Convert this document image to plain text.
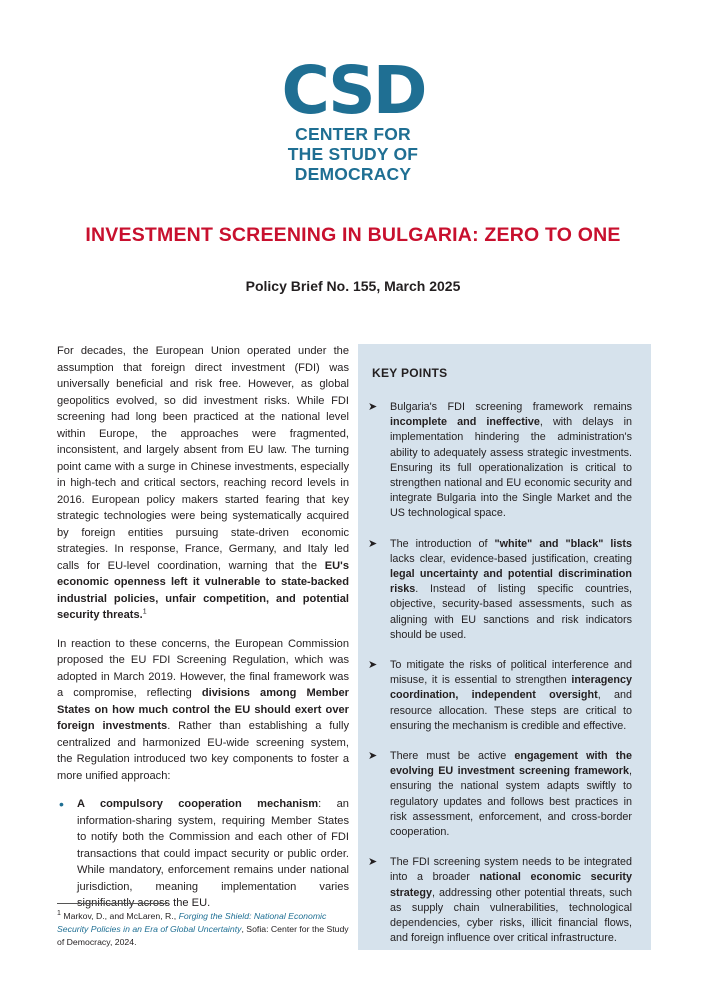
CSD
CENTER FOR
THE STUDY OF
DEMOCRACY
INVESTMENT SCREENING IN BULGARIA: ZERO TO ONE
Policy Brief No. 155, March 2025

For decades, the European Union operated under the assumption that foreign direct investment (FDI) was universally beneficial and risk free. However, as global geopolitics evolved, so did investment risks. While FDI screening had long been practiced at the national level within Europe, the approaches were fragmented, inconsistent, and largely absent from EU law. The turning point came with a surge in Chinese investments, especially in high-tech and critical sectors, reaching record levels in 2016. European policy makers started fearing that key strategic technologies were being systematically acquired by foreign entities pursuing state-driven economic strategies. In response, France, Germany, and Italy led calls for EU-level coordination, warning that the EU's economic openness left it vulnerable to state-backed industrial policies, unfair competition, and potential security threats.$^1$

In reaction to these concerns, the European Commission proposed the EU FDI Screening Regulation, which was adopted in March 2019. However, the final framework was a compromise, reflecting divisions among Member States on how much control the EU should exert over foreign investments. Rather than establishing a fully centralized and harmonized EU-wide screening system, the Regulation introduced two key components to foster a more unified approach:

• A compulsory cooperation mechanism: an information-sharing system, requiring Member States to notify both the Commission and each other of FDI transactions that could impact security or public order. While mandatory, enforcement remains under national jurisdiction, meaning implementation varies significantly across the EU.
$^1$ Markov, D., and McLaren, R., Forging the Shield: National Economic Security Policies in an Era of Global Uncertainty, Sofia: Center for the Study of Democracy, 2024.
KEY POINTS
➤ Bulgaria's FDI screening framework remains incomplete and ineffective, with delays in implementation hindering the administration's ability to adequately assess strategic investments. Ensuring its full operationalization is critical to strengthen national and EU economic security and integrate Bulgaria into the Single Market and the US technological space.
➤ The introduction of "white" and "black" lists lacks clear, evidence-based justification, creating legal uncertainty and potential discrimination risks. Instead of listing specific countries, objective, security-based assessments, such as aligning with EU sanctions and risk indicators should be used.
➤ To mitigate the risks of political interference and misuse, it is essential to strengthen interagency coordination, independent oversight, and resource allocation. These steps are critical to ensuring the mechanism is credible and effective.
➤ There must be active engagement with the evolving EU investment screening framework, ensuring the national system adapts swiftly to regulatory updates and follows best practices in risk assessment, enforcement, and cross-border cooperation.
➤ The FDI screening system needs to be integrated into a broader national economic security strategy, addressing other potential threats, such as supply chain vulnerabilities, technological dependencies, cyber risks, illicit financial flows, and foreign influence over critical infrastructure.
